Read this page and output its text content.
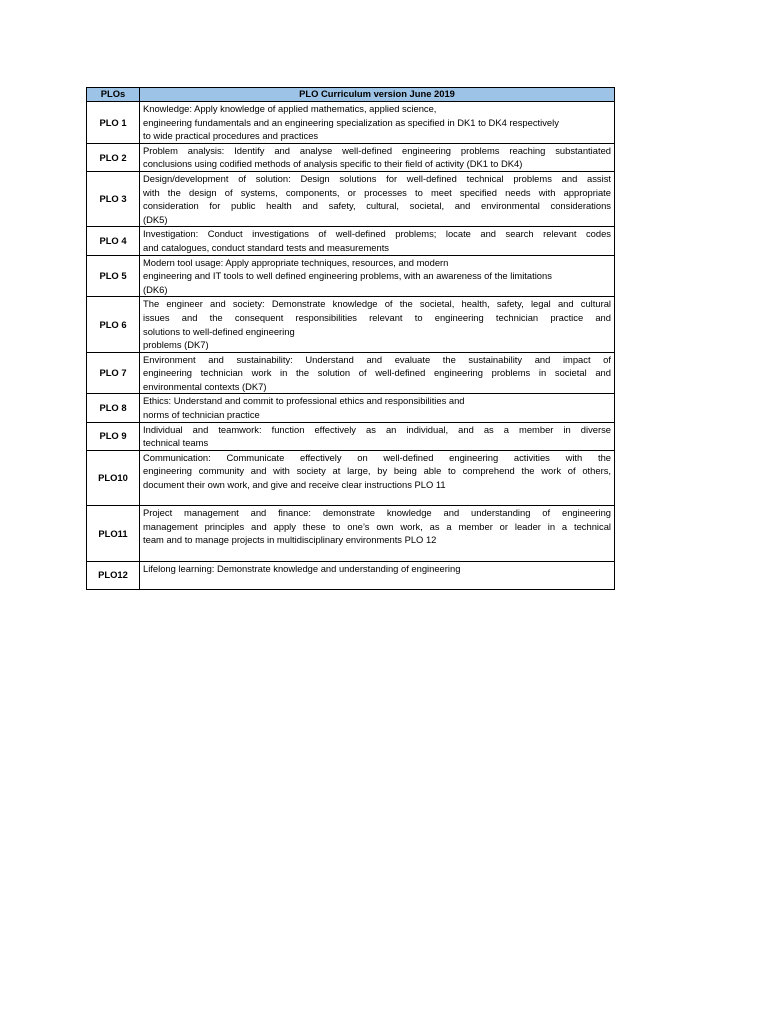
PLOs	PLO Curriculum version June 2019
PLO 1	Knowledge: Apply knowledge of applied mathematics, applied science,
engineering fundamentals and an engineering specialization as specified in DK1 to DK4 respectively
to wide practical procedures and practices

PLO 2	Problem analysis: Identify and analyse well-defined engineering problems reaching substantiated
conclusions using codified methods of analysis specific to their field of activity (DK1 to DK4)

PLO 3	Design/development of solution: Design solutions for well-defined technical problems and assist
with the design of systems, components, or processes to meet specified needs with appropriate
consideration for public health and safety, cultural, societal, and environmental considerations
(DK5)

PLO 4	Investigation: Conduct investigations of well-defined problems; locate and search relevant codes
and catalogues, conduct standard tests and measurements

PLO 5	Modern tool usage: Apply appropriate techniques, resources, and modern
engineering and IT tools to well defined engineering problems, with an awareness of the limitations
(DK6)

PLO 6	The engineer and society: Demonstrate knowledge of the societal, health, safety, legal and cultural
issues and the consequent responsibilities relevant to engineering technician practice and
solutions to well-defined engineering
problems (DK7)

PLO 7	Environment and sustainability: Understand and evaluate the sustainability and impact of
engineering technician work in the solution of well-defined engineering problems in societal and
environmental contexts (DK7)

PLO 8	Ethics: Understand and commit to professional ethics and responsibilities and
norms of technician practice

PLO 9	Individual and teamwork: function effectively as an individual, and as a member in diverse
technical teams

PLO10	Communication: Communicate effectively on well-defined engineering activities with the
engineering community and with society at large, by being able to comprehend the work of others,
document their own work, and give and receive clear instructions PLO 11

PLO11	Project management and finance: demonstrate knowledge and understanding of engineering
management principles and apply these to one’s own work, as a member or leader in a technical
team and to manage projects in multidisciplinary environments PLO 12

PLO12	Lifelong learning: Demonstrate knowledge and understanding of engineering
